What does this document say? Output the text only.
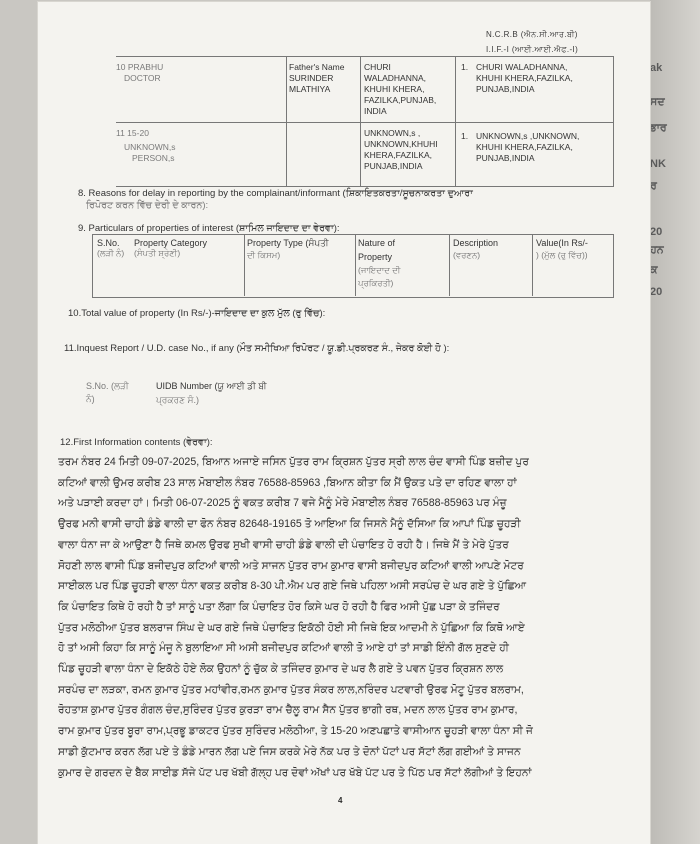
ak
ਸਦ
ਭਾਰ
NK
ਰ
20
ਹਨ
ਕ
20
N.C.R.B (ਐਨ.ਸੀ.ਆਰ.ਬੀ)
I.I.F.-I (ਆਈ.ਆਈ.ਐਫ.-I)
10 PRABHU
DOCTOR
Father's Name
SURINDER MLATHIYA
CHURI
WALADHANNA,
KHUHI KHERA,
FAZILKA,PUNJAB,
INDIA
1. CHURI WALADHANNA,
KHUHI KHERA,FAZILKA,
PUNJAB,INDIA
11 15-20
UNKNOWN,s
PERSON,s
UNKNOWN,s ,
UNKNOWN,KHUHI
KHERA,FAZILKA,
PUNJAB,INDIA
1. UNKNOWN,s ,UNKNOWN,
KHUHI KHERA,FAZILKA,
PUNJAB,INDIA
8. Reasons for delay in reporting by the complainant/informant (ਸ਼ਿਕਾਇਤਕਰਤਾ/ਸੂਚਨਾਕਰਤਾ ਦੁਆਰਾ
ਰਿਪੋਰਟ ਕਰਨ ਵਿੱਚ ਦੇਰੀ ਦੇ ਕਾਰਨ):
9. Particulars of properties of interest (ਸ਼ਾਮਿਲ ਜਾਇਦਾਦ ਦਾ ਵੇਰਵਾ):
S.No.
(ਲੜੀ ਨੰ)
Property Category
(ਸੰਪਤੀ ਸ਼੍ਰੇਣੀ)
Property Type (ਸੰਪਤੀ
ਦੀ ਕਿਸਮ)
Nature of
Property
(ਜਾਇਦਾਦ ਦੀ
ਪ੍ਰਕਿਰਤੀ)
Description
(ਵਰਣਨ)
Value(In Rs/-
) (ਮੁੱਲ (ਰੁ ਵਿੱਚ))
10.Total value of property (In Rs/-)-ਜਾਇਦਾਦ ਦਾ ਕੁਲ ਮੁੱਲ (ਰੁ ਵਿੱਚ):
11.Inquest Report / U.D. case No., if any (ਮੌਤ ਸਮੀਖਿਆ ਰਿਪੋਰਟ / ਯੂ.ਡੀ.ਪ੍ਰਕਰਣ ਸੰ., ਜੇਕਰ ਕੋਈ ਹੋ ):
S.No. (ਲੜੀ
ਨੰ)
UIDB Number (ਯੂ ਆਈ ਡੀ ਬੀ
ਪ੍ਰਕਰਣ ਸੰ.)
12.First Information contents (ਵੇਰਵਾ):
ਤਰਮ ਨੰਬਰ 24 ਮਿਤੀ 09-07-2025, ਬਿਆਨ ਅਜਾਏ ਜਸਿਨ ਪੁੱਤਰ ਰਾਮ ਕ੍ਰਿਸ਼ਨ ਪੁੱਤਰ ਸ੍ਰੀ ਲਾਲ ਚੰਦ ਵਾਸੀ ਪਿੰਡ ਬਜ਼ੀਦ ਪੁਰ
ਕਟਿਆਂ ਵਾਲੀ ਉਮਰ ਕਰੀਬ 23 ਸਾਲ ਮੋਬਾਈਲ ਨੰਬਰ 76588-85963 ,ਬਿਆਨ ਕੀਤਾ ਕਿ ਮੈਂ ਉਕਤ ਪਤੇ ਦਾ ਰਹਿਣ ਵਾਲਾ ਹਾਂ
ਅਤੇ ਪੜਾਈ ਕਰਦਾ ਹਾਂ। ਮਿਤੀ 06-07-2025 ਨੂੰ ਵਕਤ ਕਰੀਬ 7 ਵਜੇ ਮੈਨੂੰ ਮੇਰੇ ਮੋਬਾਈਲ ਨੰਬਰ 76588-85963 ਪਰ ਮੰਜ਼ੂ
ਉਰਫ ਮਨੀ ਵਾਸੀ ਚਾਹੀ ਡੰਡੇ ਵਾਲੀ ਦਾ ਫੋਨ ਨੰਬਰ 82648-19165 ਤੋ ਆਇਆ ਕਿ ਜਿਸਨੇ ਮੈਨੂੰ ਦੱਸਿਆ ਕਿ ਆਪਾਂ ਪਿੰਡ ਚੂਹੜੀ
ਵਾਲਾ ਧੰਨਾ ਜਾ ਕੇ ਆਉਣਾ ਹੈ ਜਿਥੇ ਕਮਲ ਉਰਫ ਸੁਖੀ ਵਾਸੀ ਚਾਹੀ ਡੰਡੇ ਵਾਲੀ ਦੀ ਪੰਚਾਇਤ ਹੋ ਰਹੀ ਹੈ। ਜਿਥੇ ਮੈਂ ਤੇ ਮੇਰੇ ਪੁੱਤਰ
ਸੋਹਣੀ ਲਾਲ ਵਾਸੀ ਪਿੰਡ ਬਜੀਦਪੁਰ ਕਟਿਆਂ ਵਾਲੀ ਅਤੇ ਸਾਜਨ ਪੁੱਤਰ ਰਾਮ ਕੁਮਾਰ ਵਾਸੀ ਬਜੀਦਪੁਰ ਕਟਿਆਂ ਵਾਲੀ ਆਪਣੇ ਮੋਟਰ
ਸਾਈਕਲ ਪਰ ਪਿੰਡ ਚੂਹੜੀ ਵਾਲਾ ਧੰਨਾ ਵਕਤ ਕਰੀਬ 8-30 ਪੀ.ਐਮ ਪਰ ਗਏ ਜਿਥੇ ਪਹਿਲਾ ਅਸੀ ਸਰਪੰਚ ਦੇ ਘਰ ਗਏ ਤੇ ਪੁੱਛਿਆ
ਕਿ ਪੰਚਾਇਤ ਕਿਥੇ ਹੋ ਰਹੀ ਹੈ ਤਾਂ ਸਾਨੂੰ ਪਤਾ ਲੱਗਾ ਕਿ ਪੰਚਾਇਤ ਹੋਰ ਕਿਸੇ ਘਰ ਹੋ ਰਹੀ ਹੈ ਫਿਰ ਅਸੀ ਪੁੱਛ ਪੜਾ ਕੇ ਤਜਿੰਦਰ
ਪੁੱਤਰ ਮਲੋਠੀਆ ਪੁੱਤਰ ਬਲਰਾਜ ਸਿੰਘ ਦੇ ਘਰ ਗਏ ਜਿਥੇ ਪੰਚਾਇਤ ਇਕੱਠੀ ਹੋਈ ਸੀ ਜਿਥੇ ਇਕ ਆਦਮੀ ਨੇ ਪੁੱਛਿਆ ਕਿ ਕਿਥੋ ਆਏ
ਹੋ ਤਾਂ ਅਸੀ ਕਿਹਾ ਕਿ ਸਾਨੂੰ ਮੰਜੂ ਨੇ ਬੁਲਾਇਆ ਸੀ ਅਸੀ ਬਜੀਦਪੁਰ ਕਟਿਆਂ ਵਾਲੀ ਤੋ ਆਏ ਹਾਂ ਤਾਂ ਸਾਡੀ ਇੰਨੀ ਗੱਲ ਸੁਣਦੇ ਹੀ
ਪਿੰਡ ਚੂਹੜੀ ਵਾਲਾ ਧੰਨਾ ਦੇ ਇਕੱਠੇ ਹੋਏ ਲੋਕ ਉਹਨਾਂ ਨੂੰ ਚੁੱਕ ਕੇ ਤਜਿੰਦਰ ਕੁਮਾਰ ਦੇ ਘਰ ਲੈ ਗਏ ਤੇ ਪਵਨ ਪੁੱਤਰ ਕ੍ਰਿਸ਼ਨ ਲਾਲ
ਸਰਪੰਚ ਦਾ ਲੜਕਾ, ਰਮਨ ਕੁਮਾਰ ਪੁੱਤਰ ਮਹਾਂਵੀਰ,ਰਮਨ ਕੁਮਾਰ ਪੁੱਤਰ ਸੰਕਰ ਲਾਲ,ਨਰਿੰਦਰ ਪਟਵਾਰੀ ਉਰਫ ਮੋਟੂ ਪੁੱਤਰ ਬਲਰਾਮ,
ਰੋਹਤਾਸ਼ ਕੁਮਾਰ ਪੁੱਤਰ ਗੰਗਲ ਚੰਦ,ਸੁਰਿੰਦਰ ਪੁੱਤਰ ਕੁਰੜਾ ਰਾਮ ਚੈਲੂ ਰਾਮ ਸੈਨ ਪੁੱਤਰ ਭਾਗੀ ਰਥ, ਮਦਨ ਲਾਲ ਪੁੱਤਰ ਰਾਮ ਕੁਮਾਰ,
ਰਾਮ ਕੁਮਾਰ ਪੁੱਤਰ ਬੂਰਾ ਰਾਮ,ਪ੍ਰਭੂ ਡਾਕਟਰ ਪੁੱਤਰ ਸੁਰਿੰਦਰ ਮਲੋਠੀਆ, ਤੇ 15-20 ਅਣਪਛਾਤੇ ਵਾਸੀਆਨ ਚੂਹੜੀ ਵਾਲਾ ਧੰਨਾ ਸੀ ਜੋ
ਸਾਡੀ ਕੁੱਟਮਾਰ ਕਰਨ ਲੱਗ ਪਏ ਤੇ ਡੰਡੇ ਮਾਰਨ ਲੱਗ ਪਏ ਜਿਸ ਕਰਕੇ ਮੇਰੇ ਨੱਕ ਪਰ ਤੇ ਦੋਨਾਂ ਪੱਟਾਂ ਪਰ ਸੱਟਾਂ ਲੱਗ ਗਈਆਂ ਤੇ ਸਾਜਨ
ਕੁਮਾਰ ਦੇ ਗਰਦਨ ਦੇ ਬੈਕ ਸਾਈਡ ਸੱਜੇ ਪੱਟ ਪਰ ਖੱਬੀ ਗੱਲ੍ਹ ਪਰ ਦੋਵਾਂ ਅੱਖਾਂ ਪਰ ਖੱਬੇ ਪੱਟ ਪਰ ਤੇ ਪਿੱਠ ਪਰ ਸੱਟਾਂ ਲੱਗੀਆਂ ਤੇ ਇਹਨਾਂ
4
